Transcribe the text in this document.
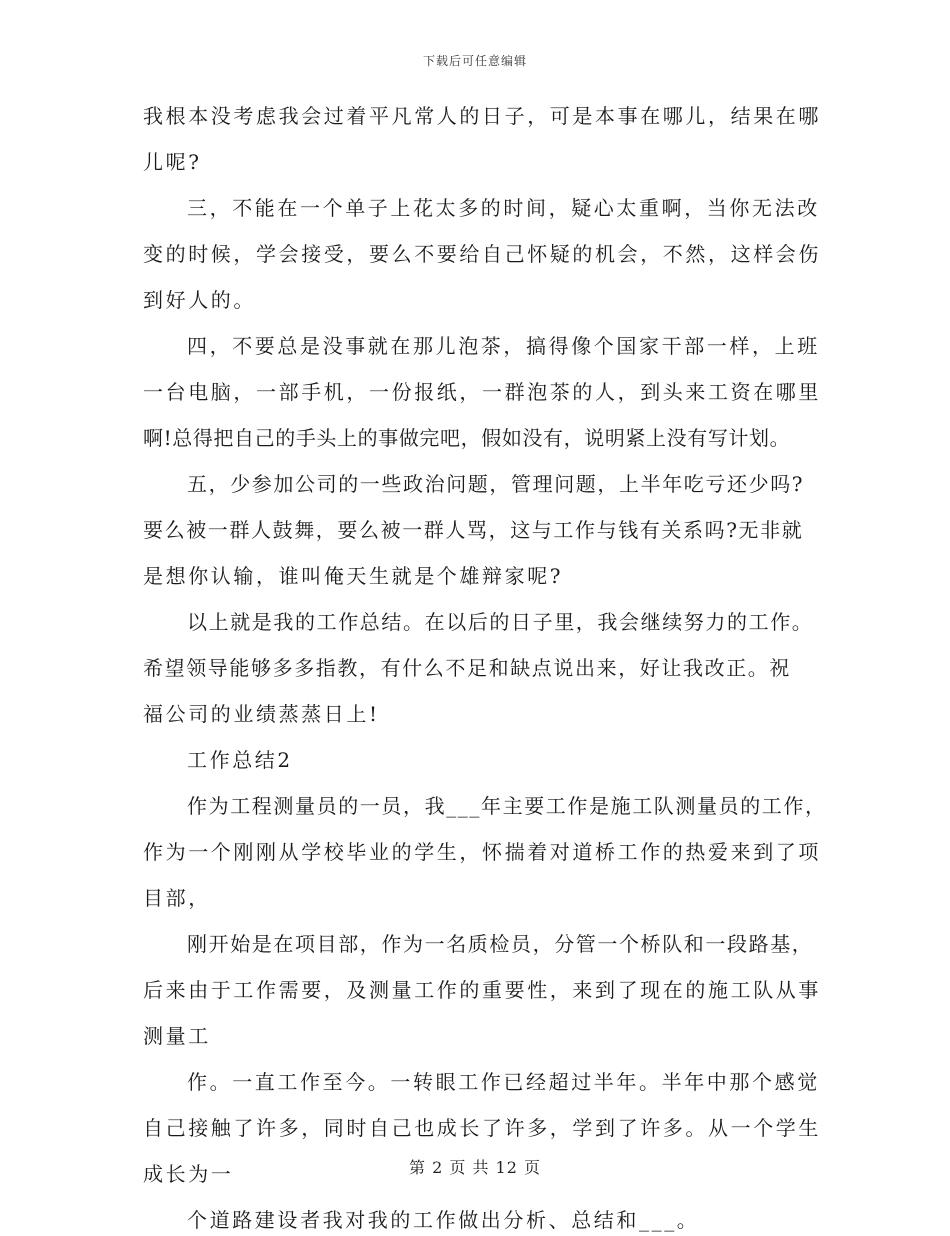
下载后可任意编辑
我根本没考虑我会过着平凡常人的日子，可是本事在哪儿，结果在哪
儿呢?
三，不能在一个单子上花太多的时间，疑心太重啊，当你无法改
变的时候，学会接受，要么不要给自己怀疑的机会，不然，这样会伤
到好人的。
四，不要总是没事就在那儿泡茶，搞得像个国家干部一样，上班
一台电脑，一部手机，一份报纸，一群泡茶的人，到头来工资在哪里
啊!总得把自己的手头上的事做完吧，假如没有，说明紧上没有写计划。
五，少参加公司的一些政治问题，管理问题，上半年吃亏还少吗?
要么被一群人鼓舞，要么被一群人骂，这与工作与钱有关系吗?无非就
是想你认输，谁叫俺天生就是个雄辩家呢?
以上就是我的工作总结。在以后的日子里，我会继续努力的工作。
希望领导能够多多指教，有什么不足和缺点说出来，好让我改正。祝
福公司的业绩蒸蒸日上!
工作总结2
作为工程测量员的一员，我___年主要工作是施工队测量员的工作，
作为一个刚刚从学校毕业的学生，怀揣着对道桥工作的热爱来到了项
目部，
刚开始是在项目部，作为一名质检员，分管一个桥队和一段路基，
后来由于工作需要，及测量工作的重要性，来到了现在的施工队从事
测量工
作。一直工作至今。一转眼工作已经超过半年。半年中那个感觉
自己接触了许多，同时自己也成长了许多，学到了许多。从一个学生
成长为一
个道路建设者我对我的工作做出分析、总结和___。
第 2 页 共 12 页
